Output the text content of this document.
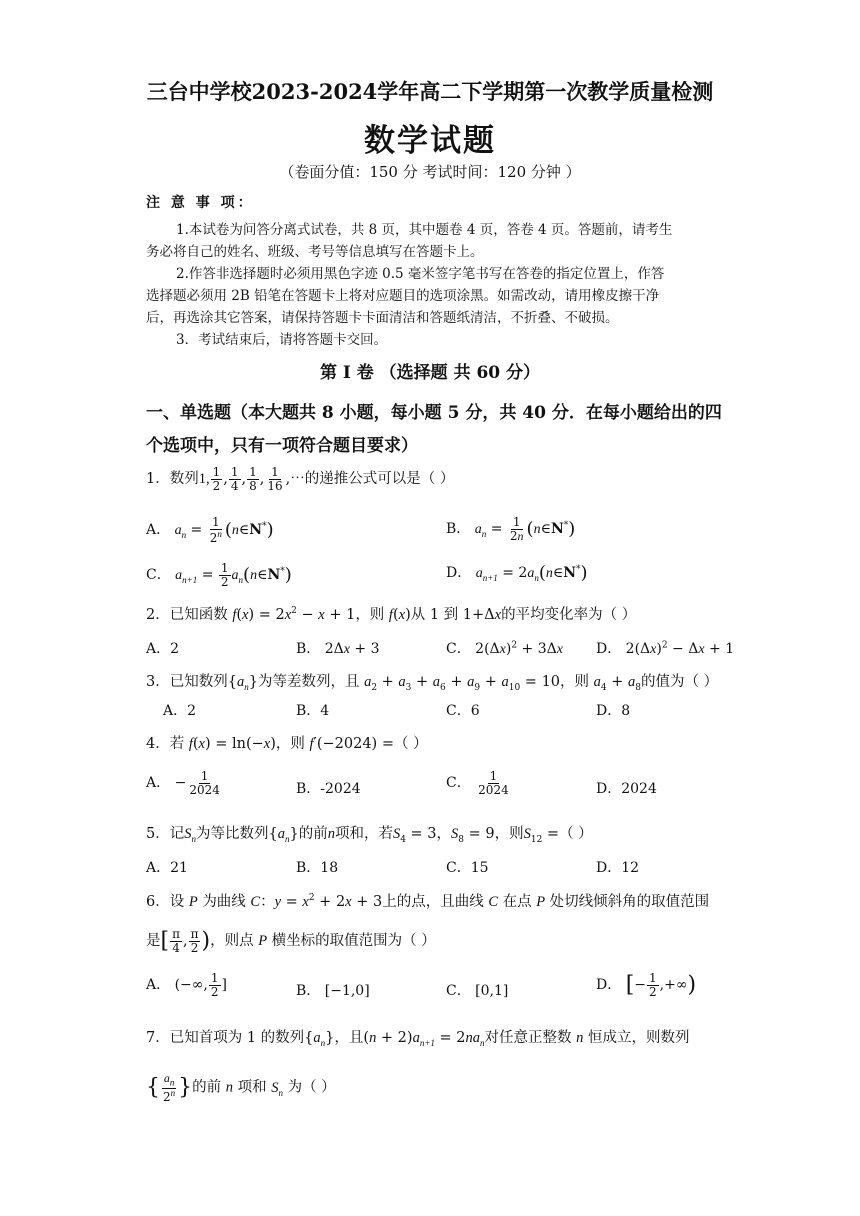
三台中学校2023-2024学年高二下学期第一次教学质量检测
数学试题
（卷面分值：150 分 考试时间：120 分钟 ）
注 意 事 项：
1.本试卷为问答分离式试卷，共 8 页，其中题卷 4 页，答卷 4 页。答题前，请考生
务必将自己的姓名、班级、考号等信息填写在答题卡上。
2.作答非选择题时必须用黑色字迹 0.5 毫米签字笔书写在答卷的指定位置上，作答
选择题必须用 2B 铅笔在答题卡上将对应题目的选项涂黑。如需改动，请用橡皮擦干净
后，再选涂其它答案，请保持答题卡卡面清洁和答题纸清洁，不折叠、不破损。
3．考试结束后，请将答题卡交回。
第 I 卷 （选择题 共 60 分）
一、单选题（本大题共 8 小题，每小题 5 分，共 40 分．在每小题给出的四
个选项中，只有一项符合题目要求）
1．数列1, $\frac{1}{2}$ , $\frac{1}{4}$ , $\frac{1}{8}$ , $\frac{1}{16}$ ,⋯的递推公式可以是（ ）
A． $a_n = \frac{1}{2^n}$ (n∈N*)	B． $a_n = \frac{1}{2n}$ (n∈N*)
C． $a_{n+1} = \frac{1}{2}$ $a_n(n\in N^*)$	D． $a_{n+1}$ = $2a_n(n\in N^*)$
2．已知函数 $f(x) = 2x^2 - x + 1$，则 f(x)从 1 到 1+Δx的平均变化率为（ ）
A．2	B． 2Δx + 3	C． $2(\Delta x)^2 + 3\Delta x$ D． $2(\Delta x)^2 - \Delta x + 1$
3．已知数列$\{a_n\}$为等差数列，且 $a_2 + a_3 + a_6 + a_9 + a_{10} = 10$，则 $a_4 + a_8$的值为（ ）
A．2	B．4	C．6	D．8
4．若 f(x) = ln(−x)，则 f′(−2024) =（ ）
A． − $\frac{1}{2024}$	B．-2024	C． $\frac{1}{2024}$	D．2024
5．记$S_n$为等比数列$\{a_n\}$的前n项和，若$S_4 = 3$，$S_8 = 9$，则$S_{12}$ =（ ）
A．21	B．18	C．15	D．12
6．设 P 为曲线 C：$y = x^2 + 2x + 3$上的点，且曲线 C 在点 P 处切线倾斜角的取值范围
是[ $\frac{\pi}{4}$ , $\frac{\pi}{2}$ )，则点 P 横坐标的取值范围为（ ）
A． (−∞, $\frac{1}{2}$ ]	B． [−1,0]	C． [0,1]	D． [− $\frac{1}{2}$ ,+∞)
7．已知首项为 1 的数列$\{a_n\}$，且$(n + 2)a_{n+1} = 2na_n$对任意正整数 n 恒成立，则数列
{ $\frac{a_n}{2^n}$ }的前 n 项和 $S_n$ 为（ ）
